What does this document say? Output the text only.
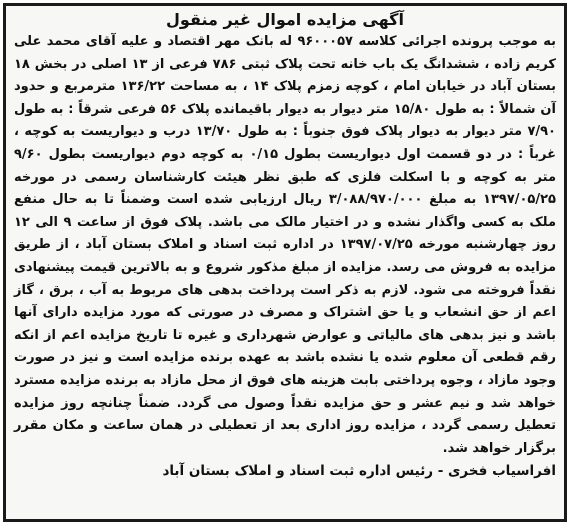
آگهی مزایده اموال غیر منقول

به موجب پرونده اجرائی کلاسه ۹۶۰۰۰۵۷ له بانک مهر اقتصاد و علیه آقای محمد علی کریم زاده ، ششدانگ یک باب خانه تحت پلاک ثبتی ۷۸۶ فرعی از ۱۳ اصلی در بخش ۱۸ بستان آباد در خیابان امام ، کوچه زمزم پلاک ۱۴ ، به مساحت ۱۳۶/۲۲ مترمربع و حدود آن شمالاً : به طول ۱۵/۸۰ متر دیوار به دیوار باقیمانده پلاک ۵۶ فرعی شرقاً : به طول ۷/۹۰ متر دیوار به دیوار پلاک فوق جنوباً : به طول ۱۳/۷۰ درب و دیواریست به کوچه ، غرباً : در دو قسمت اول دیواریست بطول ۰/۱۵ به کوچه دوم دیواریست بطول ۹/۶۰ متر به کوچه و با اسکلت فلزی که طبق نظر هیئت کارشناسان رسمی در مورخه ۱۳۹۷/۰۵/۲۵ به مبلغ ۳/۰۸۸/۹۷۰/۰۰۰ ریال ارزیابی شده است وضمناً تا به حال منفع ملک به کسی واگذار نشده و در اختیار مالک می باشد. پلاک فوق از ساعت ۹ الی ۱۲ روز چهارشنبه مورخه ۱۳۹۷/۰۷/۲۵ در اداره ثبت اسناد و املاک بستان آباد ، از طریق مزایده به فروش می رسد. مزایده از مبلغ مذکور شروع و به بالاترین قیمت پیشنهادی نقداً فروخته می شود. لازم به ذکر است پرداخت بدهی های مربوط به آب ، برق ، گاز اعم از حق انشعاب و یا حق اشتراک و مصرف در صورتی که مورد مزایده دارای آنها باشد و نیز بدهی های مالیاتی و عوارض شهرداری و غیره تا تاریخ مزایده اعم از انکه رقم قطعی آن معلوم شده یا نشده باشد به عهده برنده مزایده است و نیز در صورت وجود مازاد ، وجوه پرداختی بابت هزینه های فوق از محل مازاد به برنده مزایده مسترد خواهد شد و نیم عشر و حق مزایده نقداً وصول می گردد. ضمناً چنانچه روز مزایده تعطیل رسمی گردد ، مزایده روز اداری بعد از تعطیلی در همان ساعت و مکان مقرر برگزار خواهد شد.

افراسیاب فخری - رئیس اداره ثبت اسناد و املاک بستان آباد
